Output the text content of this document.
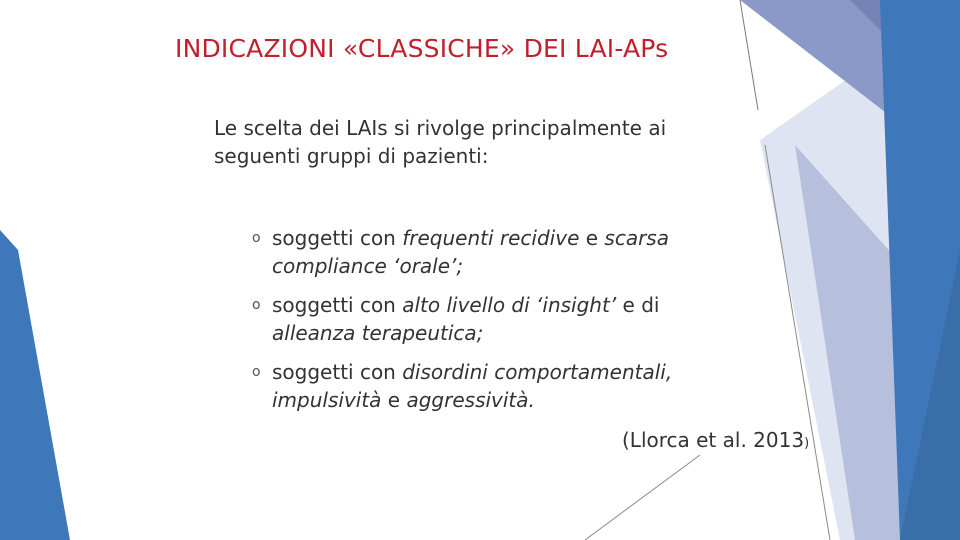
INDICAZIONI «CLASSICHE» DEI LAI-APs
Le scelta dei LAIs si rivolge principalmente ai seguenti gruppi di pazienti:
o soggetti con frequenti recidive e scarsa compliance ‘orale’;
o soggetti con alto livello di ‘insight’ e di alleanza terapeutica;
o soggetti con disordini comportamentali, impulsività e aggressività.
(Llorca et al. 2013)
